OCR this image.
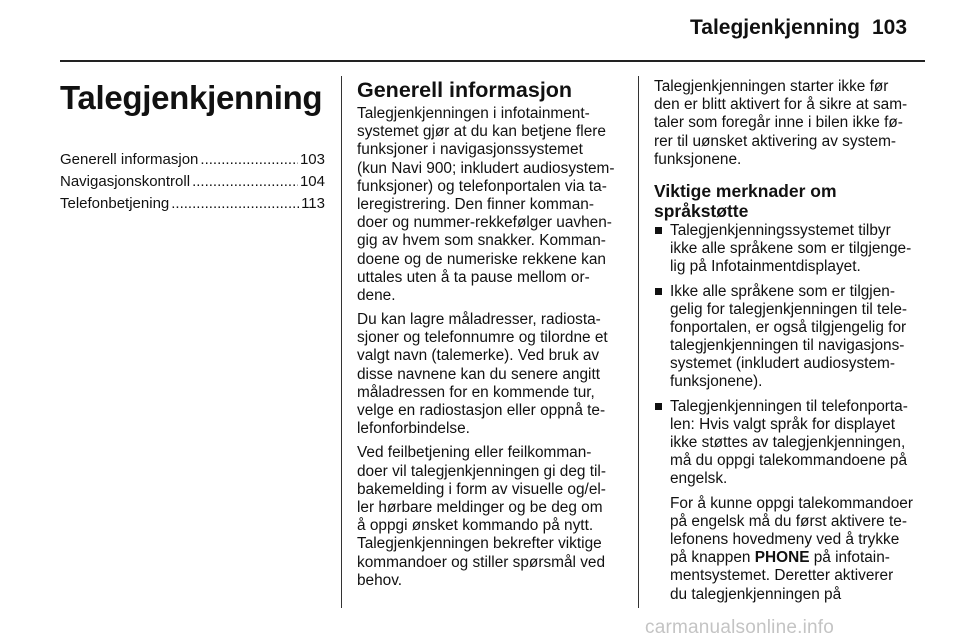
Talegjenkjenning 103
Talegjenkjenning
Generell informasjon .....	103
Navigasjonskontroll .....	104
Telefonbetjening .....	113
Generell informasjon
Talegjenkjenningen i infotainment-
systemet gjør at du kan betjene flere
funksjoner i navigasjonssystemet
(kun Navi 900; inkludert audiosystem-
funksjoner) og telefonportalen via ta-
leregistrering. Den finner komman-
doer og nummer-rekkefølger uavhen-
gig av hvem som snakker. Komman-
doene og de numeriske rekkene kan
uttales uten å ta pause mellom or-
dene.
Du kan lagre måladresser, radiosta-
sjoner og telefonnumre og tilordne et
valgt navn (talemerke). Ved bruk av
disse navnene kan du senere angitt
måladressen for en kommende tur,
velge en radiostasjon eller oppnå te-
lefonforbindelse.
Ved feilbetjening eller feilkomman-
doer vil talegjenkjenningen gi deg til-
bakemelding i form av visuelle og/el-
ler hørbare meldinger og be deg om
å oppgi ønsket kommando på nytt.
Talegjenkjenningen bekrefter viktige
kommandoer og stiller spørsmål ved
behov.
Talegjenkjenningen starter ikke før
den er blitt aktivert for å sikre at sam-
taler som foregår inne i bilen ikke fø-
rer til uønsket aktivering av system-
funksjonene.
Viktige merknader om
språkstøtte
Talegjenkjenningssystemet tilbyr
ikke alle språkene som er tilgjenge-
lig på Infotainmentdisplayet.
Ikke alle språkene som er tilgjen-
gelig for talegjenkjenningen til tele-
fonportalen, er også tilgjengelig for
talegjenkjenningen til navigasjons-
systemet (inkludert audiosystem-
funksjonene).
Talegjenkjenningen til telefonporta-
len: Hvis valgt språk for displayet
ikke støttes av talegjenkjenningen,
må du oppgi talekommandoene på
engelsk.
For å kunne oppgi talekommandoer
på engelsk må du først aktivere te-
lefonens hovedmeny ved å trykke
på knappen PHONE på infotain-
mentsystemet. Deretter aktiverer
du talegjenkjenningen på
carmanualsonline.info
